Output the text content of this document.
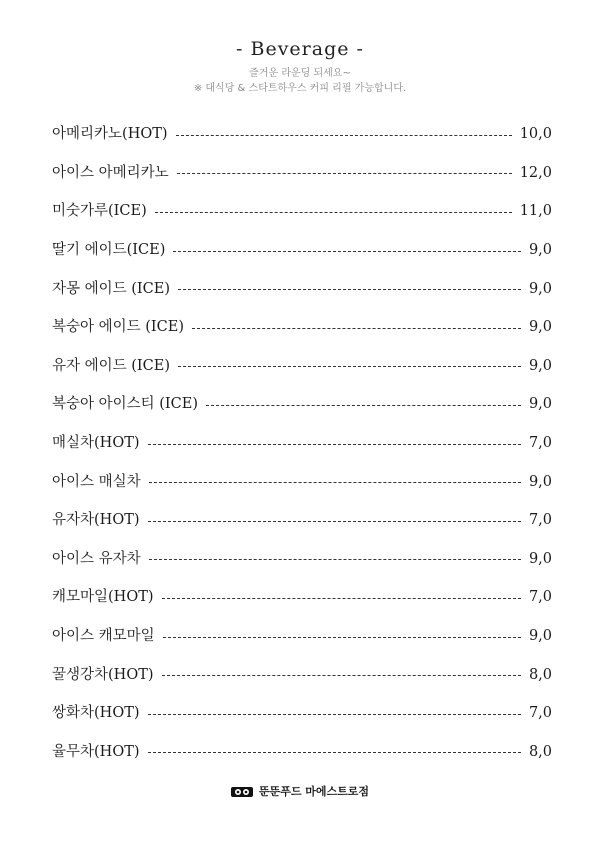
- Beverage -
즐거운 라운딩 되세요~
※ 대식당 & 스타트하우스 커피 리필 가능합니다.
아메리카노(HOT)	10,0
아이스 아메리카노	12,0
미숫가루(ICE)	11,0
딸기 에이드(ICE)	9,0
자몽 에이드 (ICE)	9,0
복숭아 에이드 (ICE)	9,0
유자 에이드 (ICE)	9,0
복숭아 아이스티 (ICE)	9,0
매실차(HOT)	7,0
아이스 매실차	9,0
유자차(HOT)	7,0
아이스 유자차	9,0
캐모마일(HOT)	7,0
아이스 캐모마일	9,0
꿀생강차(HOT)	8,0
쌍화차(HOT)	7,0
율무차(HOT)	8,0
뚠뚠푸드 마에스트로점
